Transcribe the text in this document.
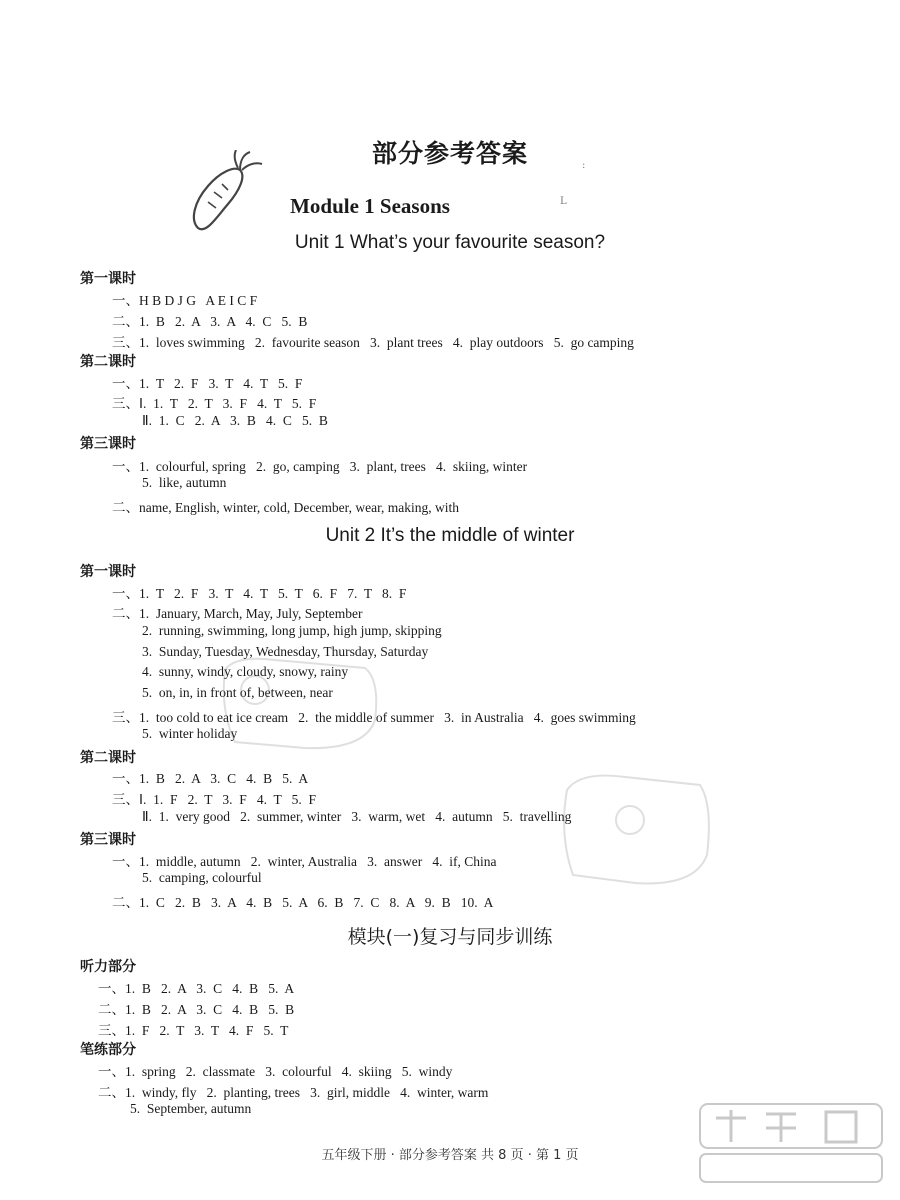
部分参考答案
Module 1 Seasons
:
L
Unit 1 What’s your favourite season?
第一课时
一、H B D J G   A E I C F
二、1.  B   2.  A   3.  A   4.  C   5.  B
三、1.  loves swimming   2.  favourite season   3.  plant trees   4.  play outdoors   5.  go camping
第二课时
一、1.  T   2.  F   3.  T   4.  T   5.  F
三、Ⅰ.  1.  T   2.  T   3.  F   4.  T   5.  F
Ⅱ.  1.  C   2.  A   3.  B   4.  C   5.  B
第三课时
一、1.  colourful, spring   2.  go, camping   3.  plant, trees   4.  skiing, winter
5.  like, autumn
二、name, English, winter, cold, December, wear, making, with
Unit 2 It’s the middle of winter
第一课时
一、1.  T   2.  F   3.  T   4.  T   5.  T   6.  F   7.  T   8.  F
二、1.  January, March, May, July, September
2.  running, swimming, long jump, high jump, skipping
3.  Sunday, Tuesday, Wednesday, Thursday, Saturday
4.  sunny, windy, cloudy, snowy, rainy
5.  on, in, in front of, between, near
三、1.  too cold to eat ice cream   2.  the middle of summer   3.  in Australia   4.  goes swimming
5.  winter holiday
第二课时
一、1.  B   2.  A   3.  C   4.  B   5.  A
三、Ⅰ.  1.  F   2.  T   3.  F   4.  T   5.  F
Ⅱ.  1.  very good   2.  summer, winter   3.  warm, wet   4.  autumn   5.  travelling
第三课时
一、1.  middle, autumn   2.  winter, Australia   3.  answer   4.  if, China
5.  camping, colourful
二、1.  C   2.  B   3.  A   4.  B   5.  A   6.  B   7.  C   8.  A   9.  B   10.  A
模块(一)复习与同步训练
听力部分
一、1.  B   2.  A   3.  C   4.  B   5.  A
二、1.  B   2.  A   3.  C   4.  B   5.  B
三、1.  F   2.  T   3.  T   4.  F   5.  T
笔练部分
一、1.  spring   2.  classmate   3.  colourful   4.  skiing   5.  windy
二、1.  windy, fly   2.  planting, trees   3.  girl, middle   4.  winter, warm
5.  September, autumn
五年级下册 · 部分参考答案 共 8 页 · 第 1 页
